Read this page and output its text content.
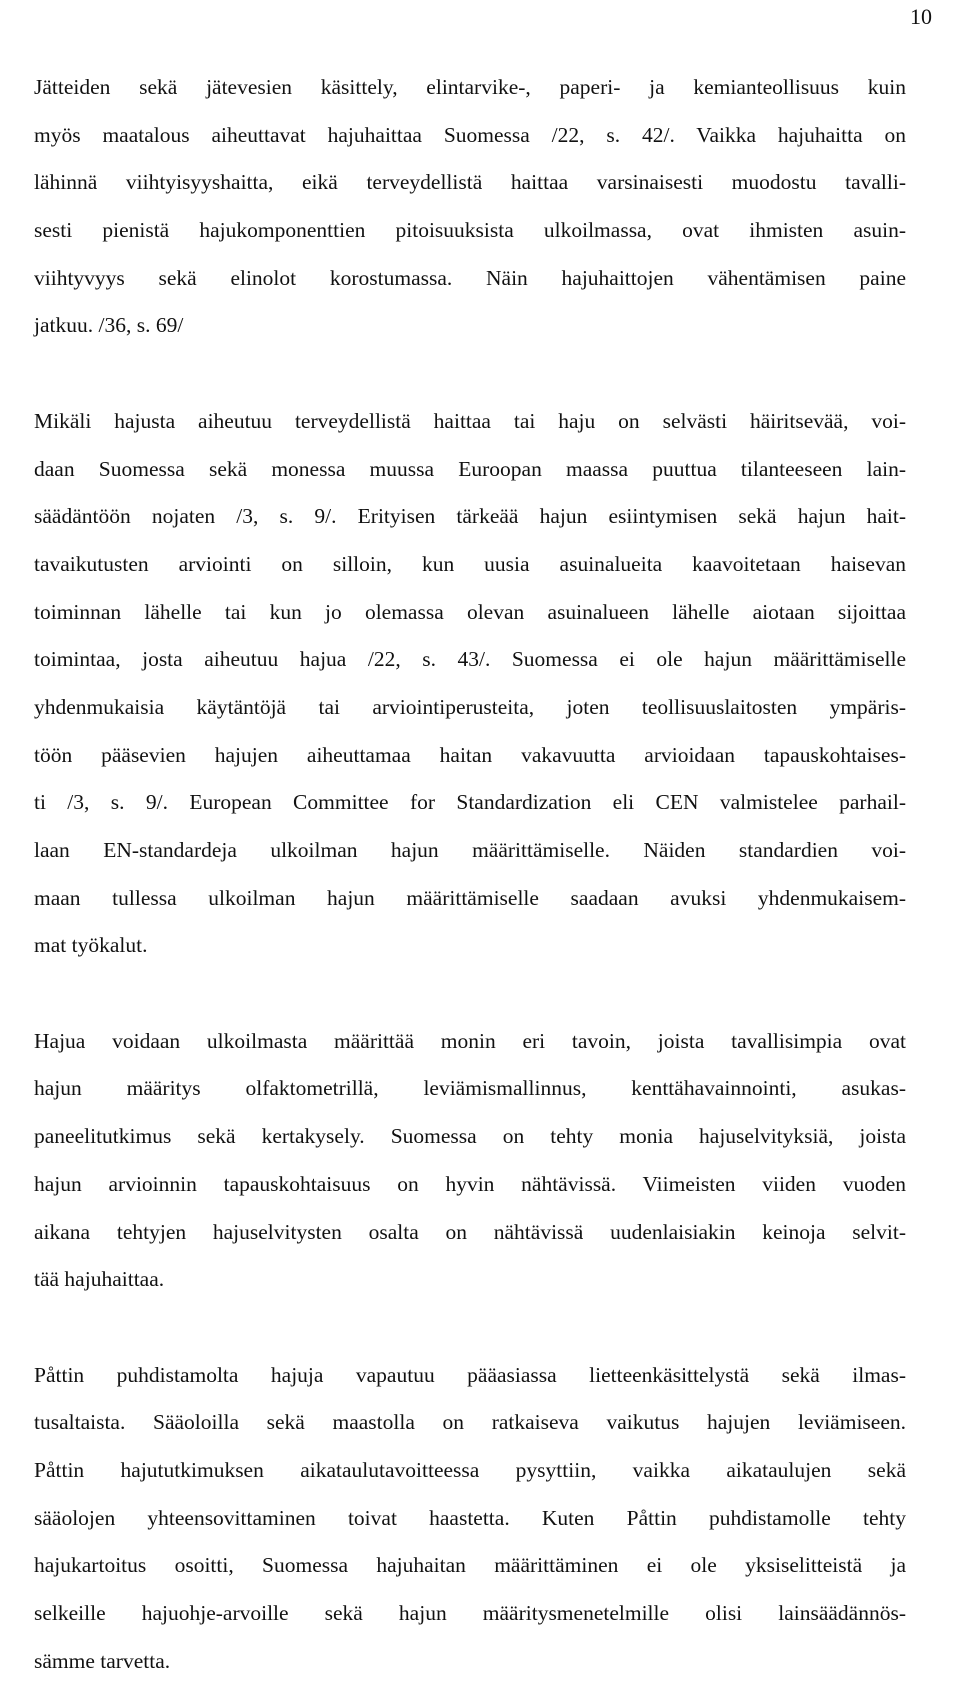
10

Jätteiden sekä jätevesien käsittely, elintarvike-, paperi- ja kemianteollisuus kuin
myös maatalous aiheuttavat hajuhaittaa Suomessa /22, s. 42/. Vaikka hajuhaitta on
lähinnä viihtyisyyshaitta, eikä terveydellistä haittaa varsinaisesti muodostu tavalli-
sesti pienistä hajukomponenttien pitoisuuksista ulkoilmassa, ovat ihmisten asuin-
viihtyvyys sekä elinolot korostumassa. Näin hajuhaittojen vähentämisen paine
jatkuu. /36, s. 69/

Mikäli hajusta aiheutuu terveydellistä haittaa tai haju on selvästi häiritsevää, voi-
daan Suomessa sekä monessa muussa Euroopan maassa puuttua tilanteeseen lain-
säädäntöön nojaten /3, s. 9/. Erityisen tärkeää hajun esiintymisen sekä hajun hait-
tavaikutusten arviointi on silloin, kun uusia asuinalueita kaavoitetaan haisevan
toiminnan lähelle tai kun jo olemassa olevan asuinalueen lähelle aiotaan sijoittaa
toimintaa, josta aiheutuu hajua /22, s. 43/. Suomessa ei ole hajun määrittämiselle
yhdenmukaisia käytäntöjä tai arviointiperusteita, joten teollisuuslaitosten ympäris-
töön pääsevien hajujen aiheuttamaa haitan vakavuutta arvioidaan tapauskohtaises-
ti /3, s. 9/. European Committee for Standardization eli CEN valmistelee parhail-
laan EN-standardeja ulkoilman hajun määrittämiselle. Näiden standardien voi-
maan tullessa ulkoilman hajun määrittämiselle saadaan avuksi yhdenmukaisem-
mat työkalut.

Hajua voidaan ulkoilmasta määrittää monin eri tavoin, joista tavallisimpia ovat
hajun määritys olfaktometrillä, leviämismallinnus, kenttähavainnointi, asukas-
paneelitutkimus sekä kertakysely. Suomessa on tehty monia hajuselvityksiä, joista
hajun arvioinnin tapauskohtaisuus on hyvin nähtävissä. Viimeisten viiden vuoden
aikana tehtyjen hajuselvitysten osalta on nähtävissä uudenlaisiakin keinoja selvit-
tää hajuhaittaa.

Påttin puhdistamolta hajuja vapautuu pääasiassa lietteenkäsittelystä sekä ilmas-
tusaltaista. Sääoloilla sekä maastolla on ratkaiseva vaikutus hajujen leviämiseen.
Påttin hajututkimuksen aikataulutavoitteessa pysyttiin, vaikka aikataulujen sekä
sääolojen yhteensovittaminen toivat haastetta. Kuten Påttin puhdistamolle tehty
hajukartoitus osoitti, Suomessa hajuhaitan määrittäminen ei ole yksiselitteistä ja
selkeille hajuohje-arvoille sekä hajun määritysmenetelmille olisi lainsäädännös-
sämme tarvetta.
